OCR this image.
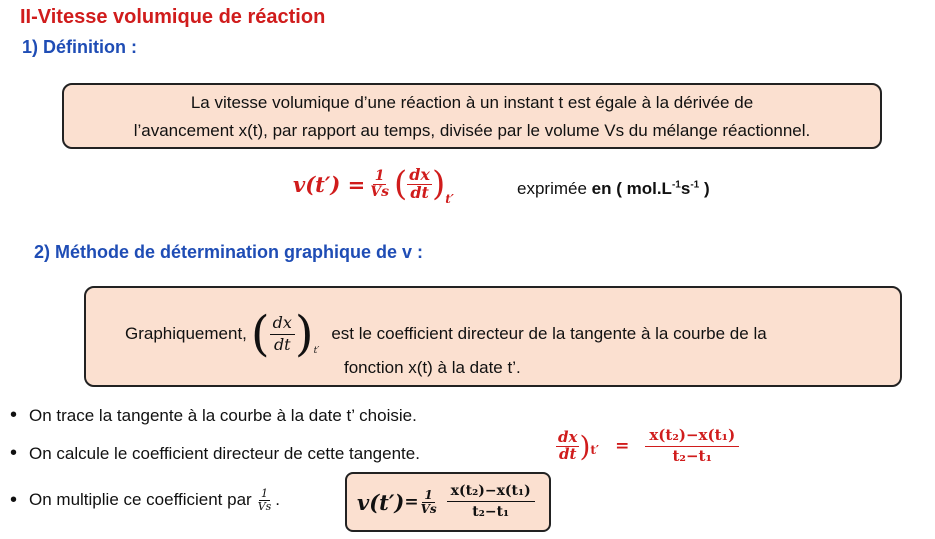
II-Vitesse volumique de réaction
1) Définition :
La vitesse volumique d’une réaction à un instant t est égale à la dérivée de
l’avancement x(t), par rapport au temps, divisée par le volume Vs du mélange réactionnel.
$v(t') = \frac{1}{Vs}$ ( $\frac{dx}{dt}$ ) t′
exprimée en ( $mol.L^{-1}s^{-1}$ )
2) Méthode de détermination graphique de v :
Graphiquement, ( $\frac{dx}{dt}$ ) t′
est le coefficient directeur de la tangente à la courbe de la
fonction x(t) à la date t’.
• On trace la tangente à la courbe à la date t’ choisie.
• On calcule le coefficient directeur de cette tangente.	$\frac{dx}{dt}$ ) $t' = \frac{\text{x(t₂)−x(t₁)}}{\text{t₂−t₁}}$
• On multiplie ce coefficient par $\frac{1}{Vs}$ .	$v(t') = \frac{1}{Vs} \frac{\text{x(t₂)−x(t₁)}}{\text{t₂−t₁}}$
